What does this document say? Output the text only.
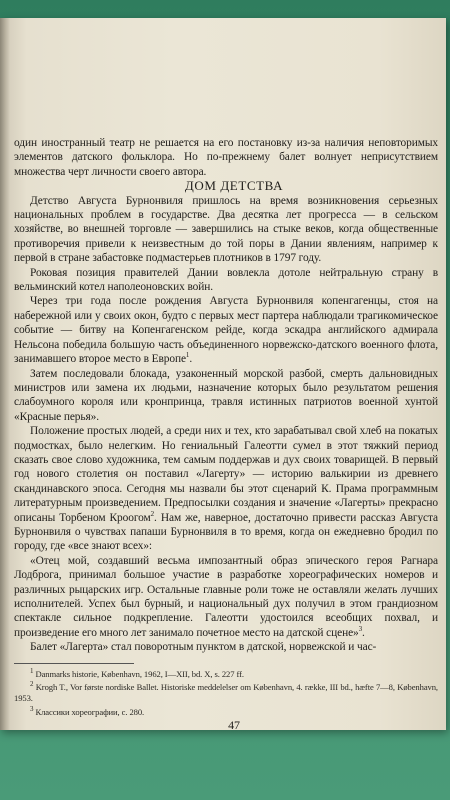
один иностранный театр не решается на его постановку из-за наличия неповторимых элементов датского фольклора. Но по-прежнему балет волнует неприсутствием множества черт личности своего автора.

ДОМ ДЕТСТВА

Детство Августа Бурнонвиля пришлось на время возникновения серьезных национальных проблем в государстве. Два десятка лет прогресса — в сельском хозяйстве, во внешней торговле — завершились на стыке веков, когда общественные противоречия привели к неизвестным до той поры в Дании явлениям, например к первой в стране забастовке подмастерьев плотников в 1797 году.

Роковая позиция правителей Дании вовлекла дотоле нейтральную страну в вельминский котел наполеоновских войн.

Через три года после рождения Августа Бурнонвиля копенгагенцы, стоя на набережной или у своих окон, будто с первых мест партера наблюдали трагикомическое событие — битву на Копенгагенском рейде, когда эскадра английского адмирала Нельсона победила большую часть объединенного норвежско-датского военного флота, занимавшего второе место в Европе$^1$.

Затем последовали блокада, узаконенный морской разбой, смерть дальновидных министров или замена их людьми, назначение которых было результатом решения слабоумного короля или кронпринца, травля истинных патриотов военной хунтой «Красные перья».

Положение простых людей, а среди них и тех, кто зарабатывал свой хлеб на покатых подмостках, было нелегким. Но гениальный Галеотти сумел в этот тяжкий период сказать свое слово художника, тем самым поддержав и дух своих товарищей. В первый год нового столетия он поставил «Лагерту» — историю валькирии из древнего скандинавского эпоса. Сегодня мы назвали бы этот сценарий К. Прама программным литературным произведением. Предпосылки создания и значение «Лагерты» прекрасно описаны Торбеном Кроогом$^2$. Нам же, наверное, достаточно привести рассказ Августа Бурнонвиля о чувствах папаши Бурнонвиля в то время, когда он ежедневно бродил по городу, где «все знают всех»:

«Отец мой, создавший весьма импозантный образ эпического героя Рагнара Лодброга, принимал большое участие в разработке хореографических номеров и различных рыцарских игр. Остальные главные роли тоже не оставляли желать лучших исполнителей. Успех был бурный, и национальный дух получил в этом грандиозном спектакле сильное подкрепление. Галеотти удостоился всеобщих похвал, и произведение его много лет занимало почетное место на датской сцене»$^3$.

Балет «Лагерта» стал поворотным пунктом в датской, норвежской и час-

$^1$ Danmarks historie, København, 1962, I—XII, bd. X, s. 227 ff.

$^2$ Krogh T., Vor første nordiske Ballet. Historiske meddelelser om København, 4. række, III bd., hæfte 7—8, København, 1953.

$^3$ Классики хореографии, с. 280.

47
